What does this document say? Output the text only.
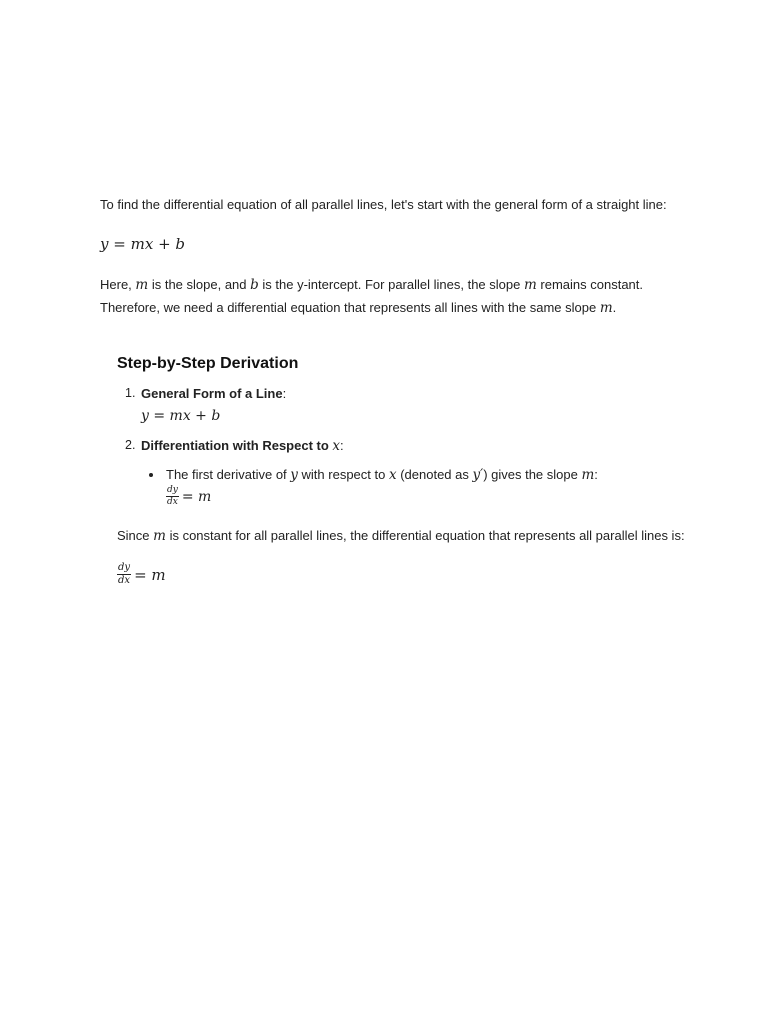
To find the differential equation of all parallel lines, let's start with the general form of a straight line:
y = mx + b
Here, m is the slope, and b is the y-intercept. For parallel lines, the slope m remains constant.
Therefore, we need a differential equation that represents all lines with the same slope m.
Step-by-Step Derivation
1. General Form of a Line:
y = mx + b
2. Differentiation with Respect to x:
The first derivative of y with respect to x (denoted as y′) gives the slope m:
$\frac{dy}{dx} = m$
Since m is constant for all parallel lines, the differential equation that represents all parallel lines is:
$\frac{dy}{dx} = m$
